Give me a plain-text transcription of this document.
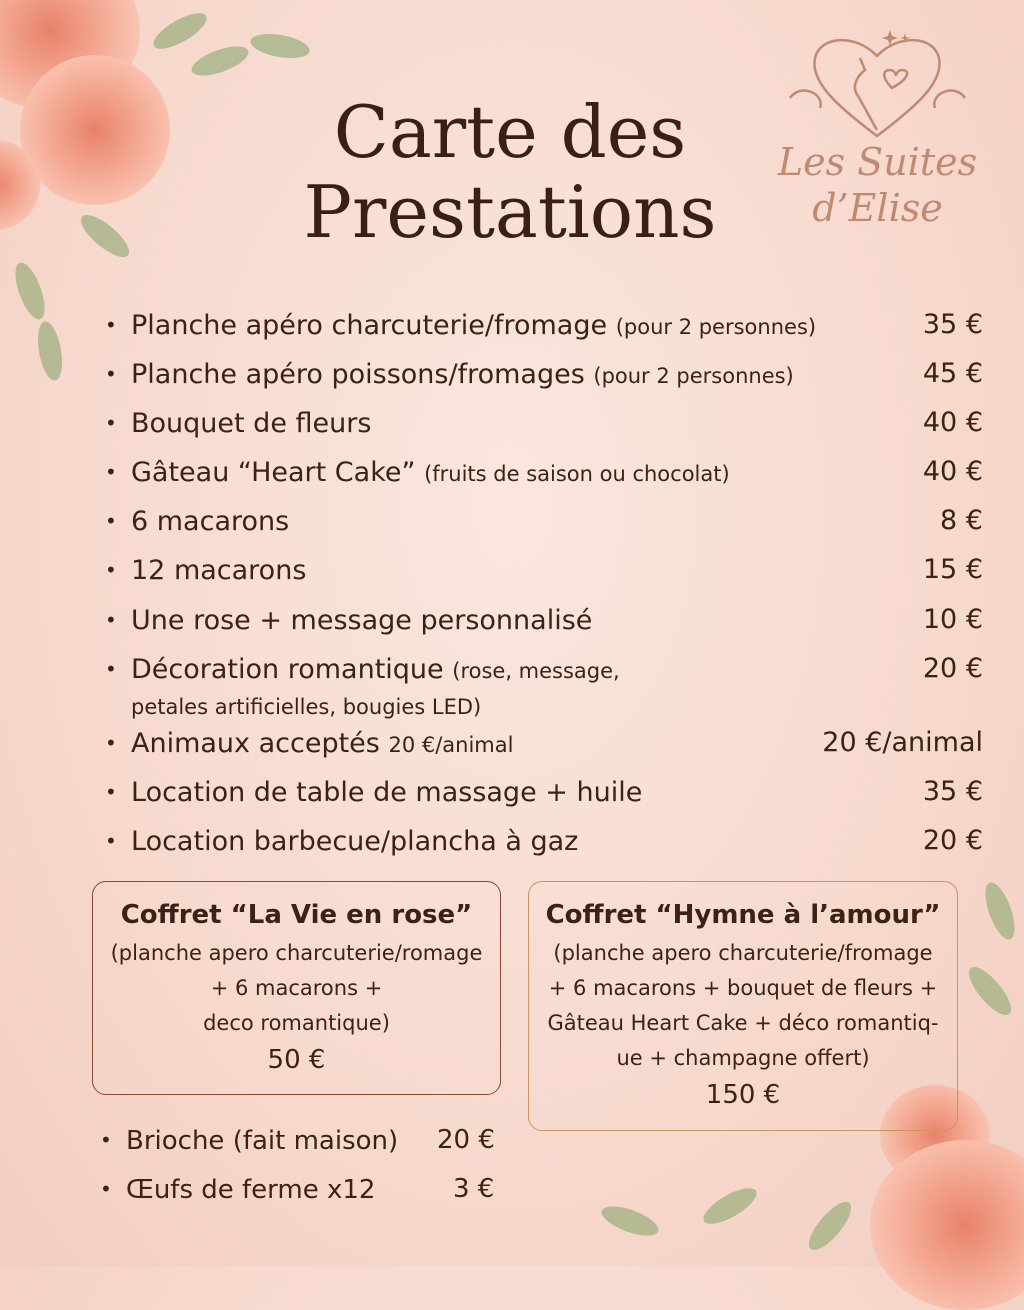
Carte des
Prestations
Les Suites
d’Elise
• Planche apéro charcuterie/fromage (pour 2 personnes)	35 €
• Planche apéro poissons/fromages (pour 2 personnes)	45 €
• Bouquet de fleurs	40 €
• Gâteau “Heart Cake” (fruits de saison ou chocolat)	40 €
• 6 macarons	8 €
• 12 macarons	15 €
• Une rose + message personnalisé	10 €
• Décoration romantique (rose, message,	20 €
petales artificielles, bougies LED)
• Animaux acceptés 20 €/animal	20 €/animal
• Location de table de massage + huile	35 €
• Location barbecue/plancha à gaz	20 €
Coffret “La Vie en rose”
(planche apero charcuterie/romage
+ 6 macarons +
deco romantique)
50 €
Coffret “Hymne à l’amour”
(planche apero charcuterie/fromage
+ 6 macarons + bouquet de fleurs +
Gâteau Heart Cake + déco romantiq-
ue + champagne offert)
150 €
• Brioche (fait maison) 20 €
• Œufs de ferme x12	3 €
